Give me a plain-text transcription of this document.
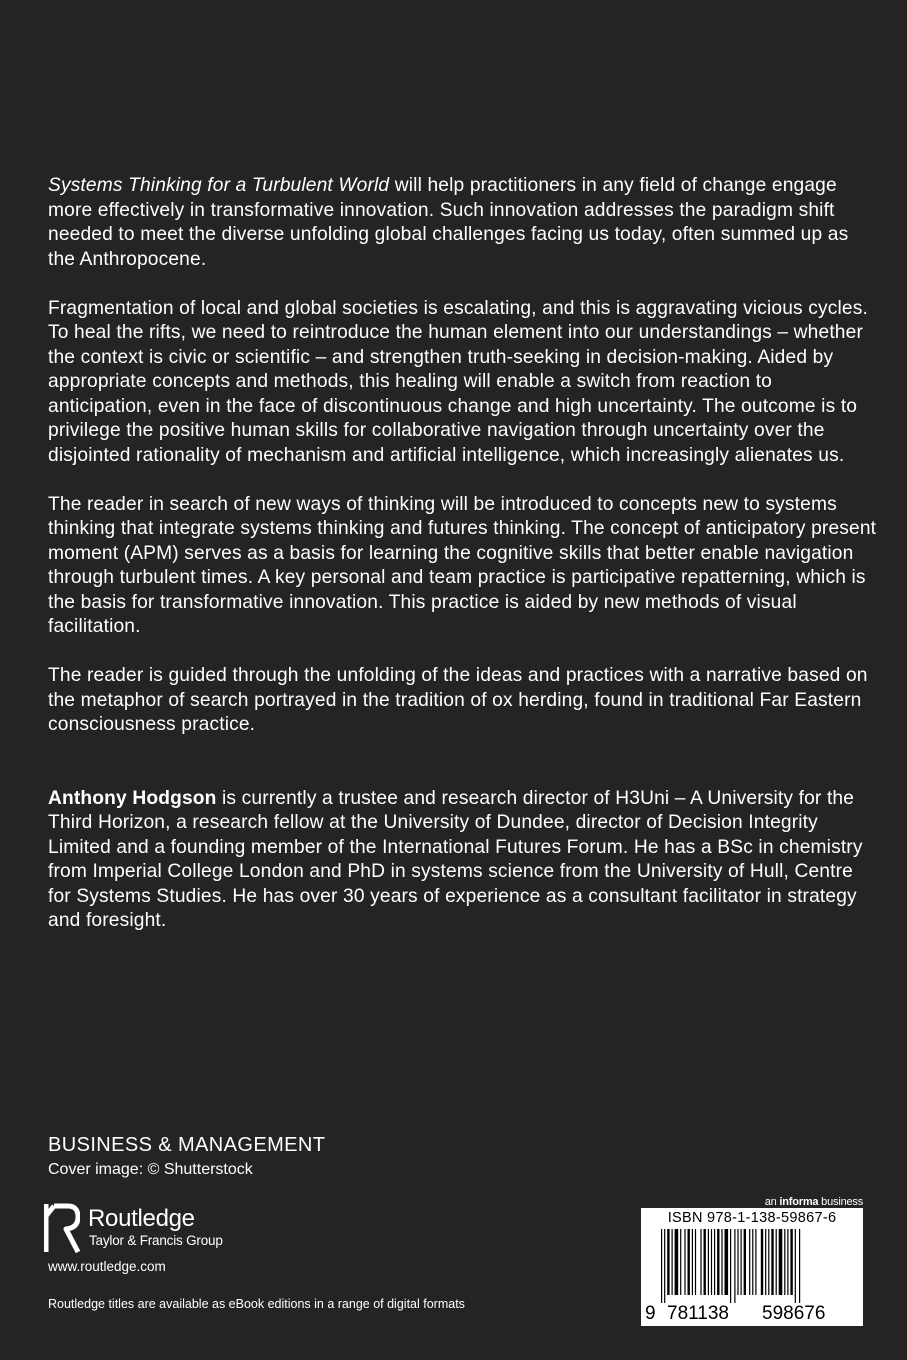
Systems Thinking for a Turbulent World will help practitioners in any field of change engage more effectively in transformative innovation. Such innovation addresses the paradigm shift needed to meet the diverse unfolding global challenges facing us today, often summed up as the Anthropocene.

Fragmentation of local and global societies is escalating, and this is aggravating vicious cycles. To heal the rifts, we need to reintroduce the human element into our understandings – whether the context is civic or scientific – and strengthen truth-seeking in decision-making. Aided by appropriate concepts and methods, this healing will enable a switch from reaction to anticipation, even in the face of discontinuous change and high uncertainty. The outcome is to privilege the positive human skills for collaborative navigation through uncertainty over the disjointed rationality of mechanism and artificial intelligence, which increasingly alienates us.

The reader in search of new ways of thinking will be introduced to concepts new to systems thinking that integrate systems thinking and futures thinking. The concept of anticipatory present moment (APM) serves as a basis for learning the cognitive skills that better enable navigation through turbulent times. A key personal and team practice is participative repatterning, which is the basis for transformative innovation. This practice is aided by new methods of visual facilitation.

The reader is guided through the unfolding of the ideas and practices with a narrative based on the metaphor of search portrayed in the tradition of ox herding, found in traditional Far Eastern consciousness practice.

Anthony Hodgson is currently a trustee and research director of H3Uni – A University for the Third Horizon, a research fellow at the University of Dundee, director of Decision Integrity Limited and a founding member of the International Futures Forum. He has a BSc in chemistry from Imperial College London and PhD in systems science from the University of Hull, Centre for Systems Studies. He has over 30 years of experience as a consultant facilitator in strategy and foresight.

BUSINESS & MANAGEMENT
Cover image: © Shutterstock
Routledge
Taylor & Francis Group
www.routledge.com
Routledge titles are available as eBook editions in a range of digital formats
an informa business
ISBN 978-1-138-59867-6
9 781138 598676
